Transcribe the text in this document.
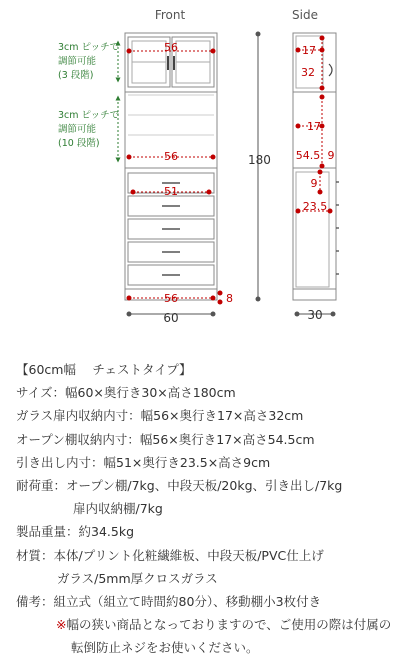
Front	Side
56
56
51
56	8
60
180
3cm ピッチで
調節可能
(3 段階)
3cm ピッチで
調節可能
(10 段階)
17
32
17
54.5 9
9
23.5
30
【60cm幅　 チェストタイプ】
サイズ：幅60×奥行き30×高さ180cm
ガラス扉内収納内寸：幅56×奥行き17×高さ32cm
オープン棚収納内寸：幅56×奥行き17×高さ54.5cm
引き出し内寸：幅51×奥行き23.5×高さ9cm
耐荷重：オープン棚/7kg、中段天板/20kg、引き出し/7kg
扉内収納棚/7kg
製品重量：約34.5kg
材質：本体/プリント化粧繊維板、中段天板/PVC仕上げ
ガラス/5mm厚クロスガラス
備考：組立式（組立て時間約80分）、移動棚小3枚付き
※幅の狭い商品となっておりますので、ご使用の際は付属の
転倒防止ネジをお使いください。
